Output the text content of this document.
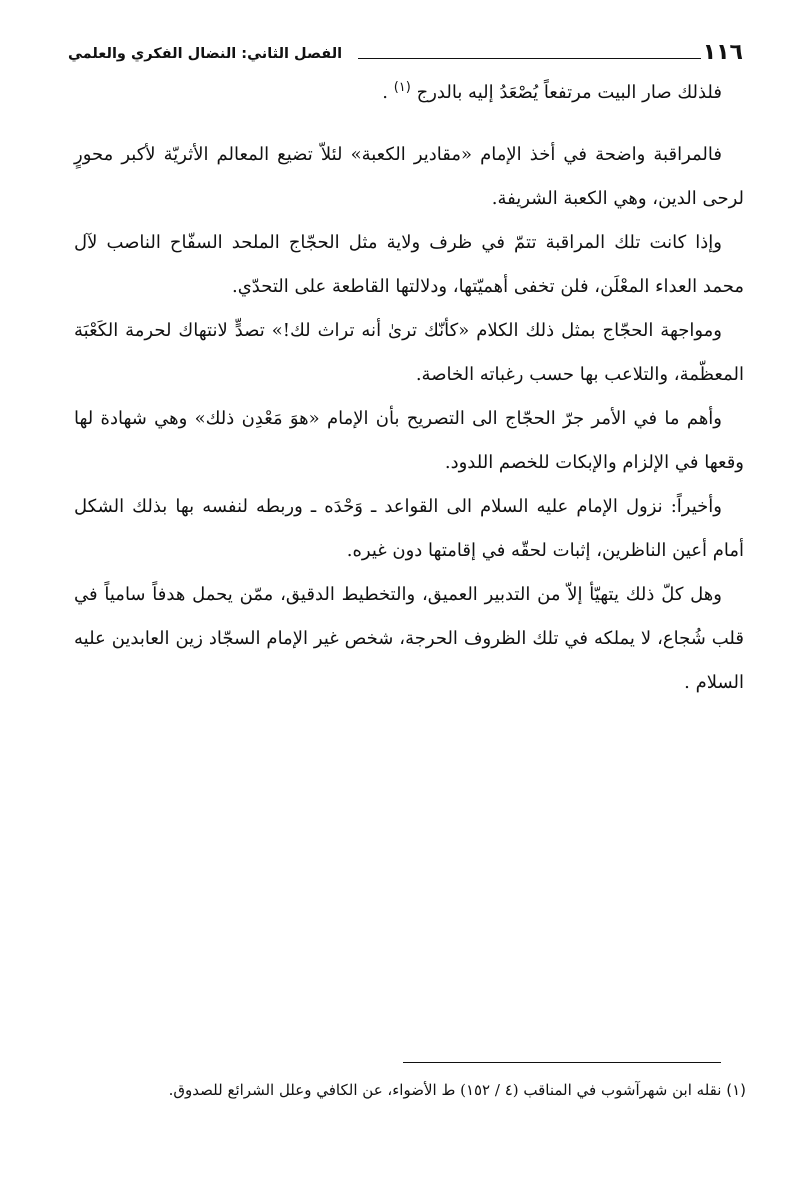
١١٦
الفصل الثاني: النضال الفكري والعلمي

فلذلك صار البيت مرتفعاً يُصْعَدُ إليه بالدرج $^{(١)}$ .

فالمراقبة واضحة في أخذ الإمام «مقادير الكعبة» لئلاّ تضيع المعالم الأثريّة لأكبر محورٍ لرحى الدين، وهي الكعبة الشريفة.

وإذا كانت تلك المراقبة تتمّ في ظرف ولاية مثل الحجّاج الملحد السفّاح الناصب لآل محمد العداء المعْلَن، فلن تخفى أهميّتها، ودلالتها القاطعة على التحدّي.

ومواجهة الحجّاج بمثل ذلك الكلام «كأنّك ترىٰ أنه تراث لك!» تصدٍّ لانتهاك لحرمة الكَعْبَة المعظّمة، والتلاعب بها حسب رغباته الخاصة.

وأهم ما في الأمر جرّ الحجّاج الى التصريح بأن الإمام «هوَ مَعْدِن ذلك» وهي شهادة لها وقعها في الإلزام والإبكات للخصم اللدود.

وأخيراً: نزول الإمام عليه السلام الى القواعد ـ وَحْدَه ـ وربطه لنفسه بها بذلك الشكل أمام أعين الناظرين، إثبات لحقّه في إقامتها دون غيره.

وهل كلّ ذلك يتهيّأ إلاّ من التدبير العميق، والتخطيط الدقيق، ممّن يحمل هدفاً سامياً في قلب شُجاع، لا يملكه في تلك الظروف الحرجة، شخص غير الإمام السجّاد زين العابدين عليه السلام .

(١) نقله ابن شهرآشوب في المناقب (٤ / ١٥٢) ط الأضواء، عن الكافي وعلل الشرائع للصدوق.
